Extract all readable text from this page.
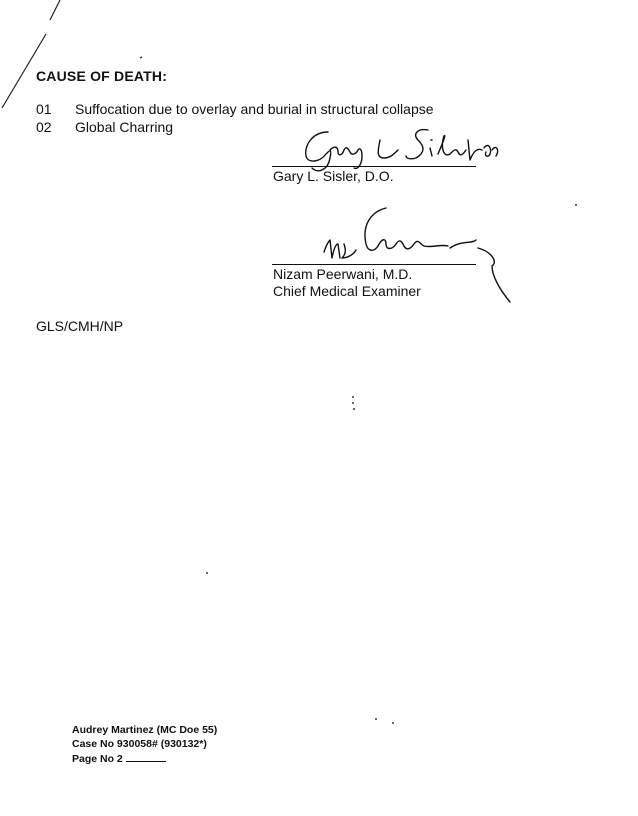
CAUSE OF DEATH:
01 Suffocation due to overlay and burial in structural collapse
02 Global Charring
Gary L. Sisler, D.O.
Nizam Peerwani, M.D.
Chief Medical Examiner
GLS/CMH/NP
Audrey Martinez (MC Doe 55)
Case No 930058# (930132*)
Page No 2
